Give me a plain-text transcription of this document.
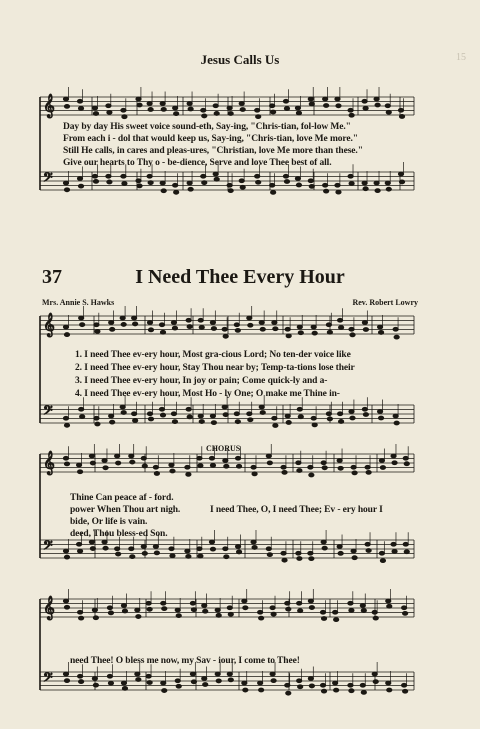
15
𝄞
𝄢
𝄞
𝄢
𝄞
𝄢
𝄞
𝄢
Jesus Calls Us
Day by day His sweet voice sound-eth, Say-ing, "Chris-tian, fol-low Me."
From each i - dol that would keep us, Say-ing, "Chris-tian, love Me more."
Still He calls, in cares and pleas-ures, "Christian, love Me more than these."
Give our hearts to Thy o - be-dience, Serve and love Thee best of all.
37	I Need Thee Every Hour
Mrs. Annie S. Hawks	Rev. Robert Lowry
1. I need Thee ev-ery hour, Most gra-cious Lord; No ten-der voice like
2. I need Thee ev-ery hour, Stay Thou near by; Temp-ta-tions lose their
3. I need Thee ev-ery hour, In joy or pain; Come quick-ly and a-
4. I need Thee ev-ery hour, Most Ho - ly One; O make me Thine in-
CHORUS
Thine Can peace af - ford.
power When Thou art nigh.
bide, Or life is vain.
deed, Thou bless-ed Son.
I need Thee, O, I need Thee; Ev - ery hour I
need Thee! O bless me now, my Sav - iour, I come to Thee!
